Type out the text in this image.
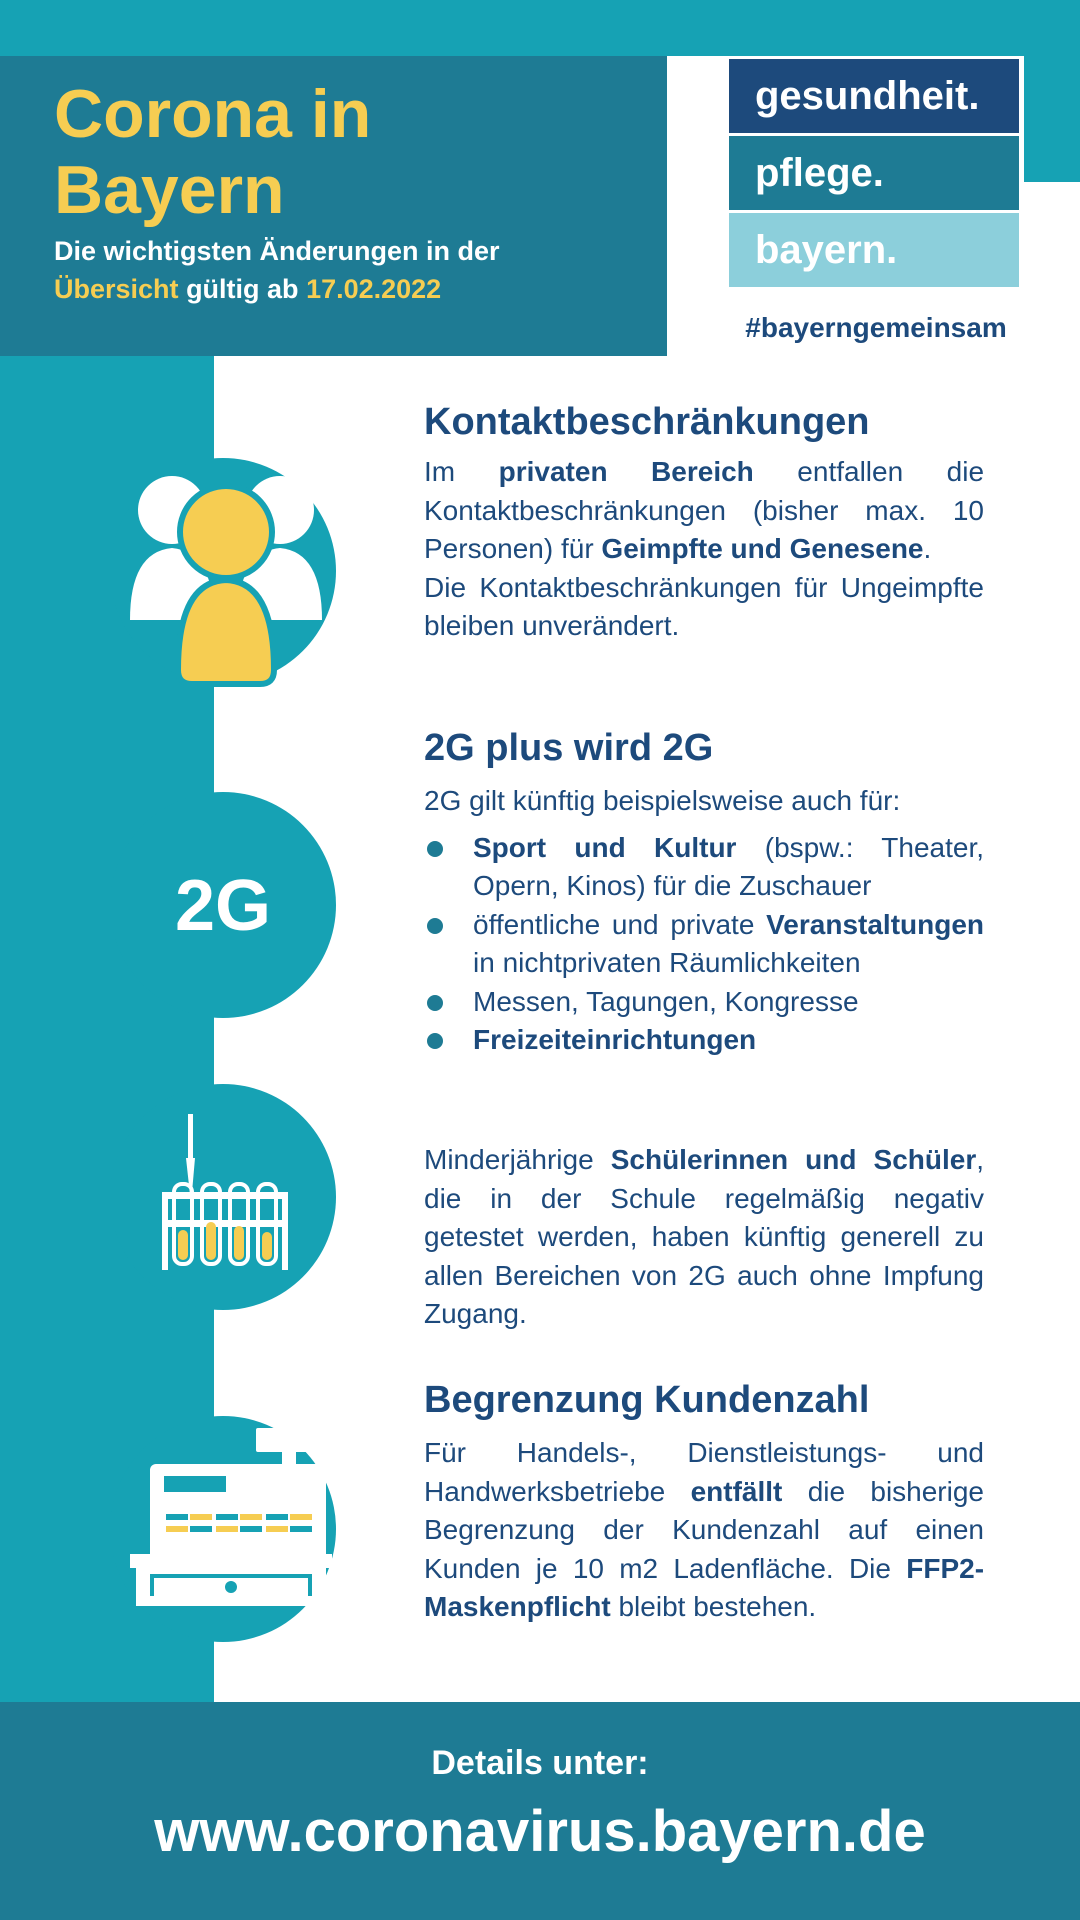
Corona in
Bayern
Die wichtigsten Änderungen in der
Übersicht gültig ab 17.02.2022
gesundheit.
pflege.
bayern.
#bayerngemeinsam
2G
Kontaktbeschränkungen
Im privaten Bereich entfallen die Kontaktbeschränkungen (bisher max. 10 Personen) für Geimpfte und Genesene.
Die Kontaktbeschränkungen für Ungeimpfte bleiben unverändert.
2G plus wird 2G
2G gilt künftig beispielsweise auch für:
Sport und Kultur (bspw.: Theater, Opern, Kinos) für die Zuschauer
öffentliche und private Veranstaltungen in nichtprivaten Räumlichkeiten
Messen, Tagungen, Kongresse
Freizeiteinrichtungen
Minderjährige Schülerinnen und Schüler, die in der Schule regelmäßig negativ getestet werden, haben künftig generell zu allen Bereichen von 2G auch ohne Impfung Zugang.
Begrenzung Kundenzahl
Für Handels-, Dienstleistungs- und Handwerksbetriebe entfällt die bisherige Begrenzung der Kundenzahl auf einen Kunden je 10 m2 Ladenfläche. Die FFP2-Maskenpflicht bleibt bestehen.
Details unter:
www.coronavirus.bayern.de
